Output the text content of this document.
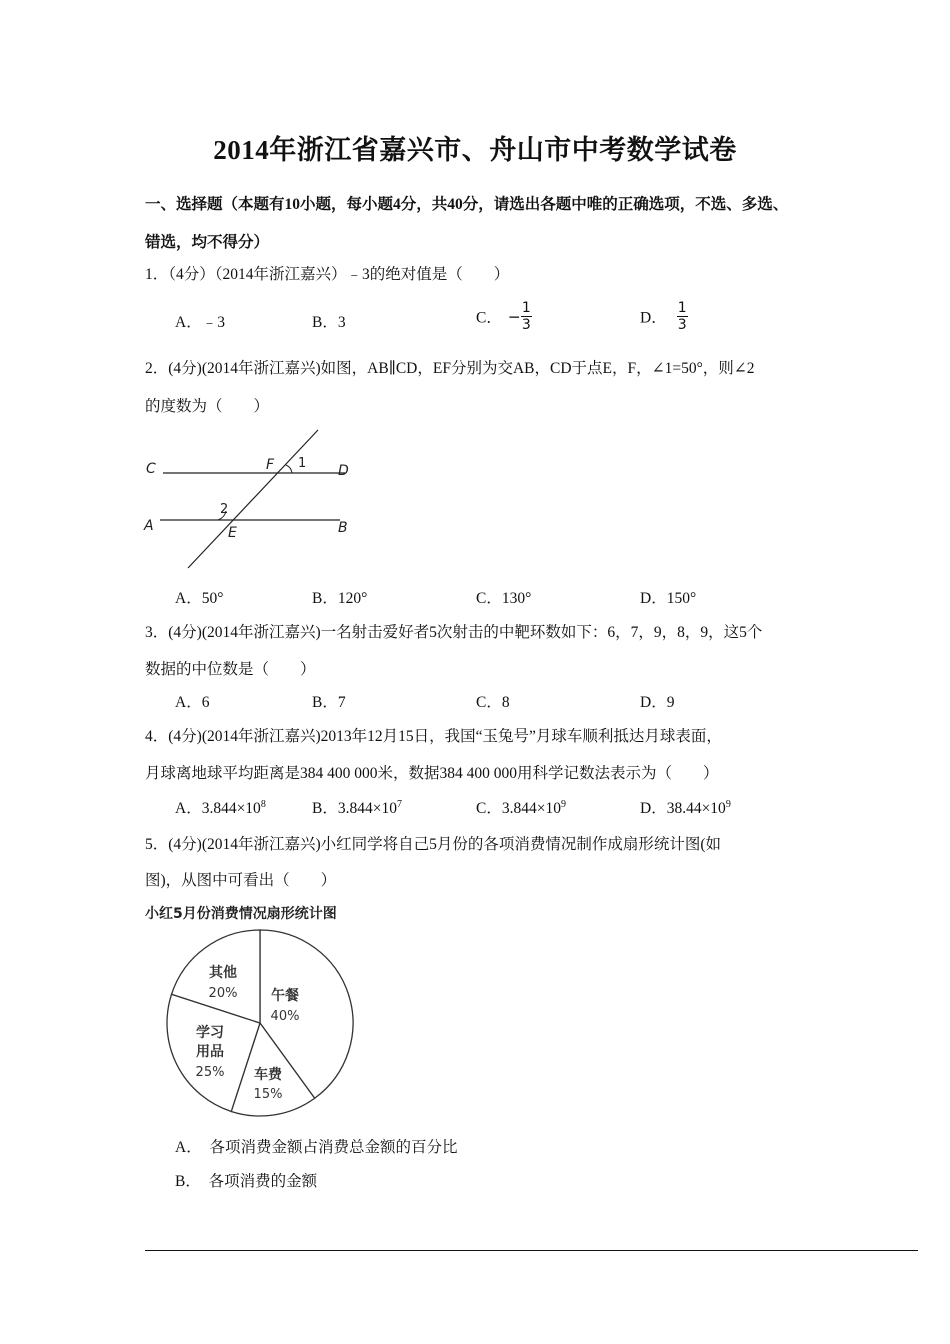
2014年浙江省嘉兴市、舟山市中考数学试卷
一、选择题（本题有10小题，每小题4分，共40分，请选出各题中唯的正确选项，不选、多选、
错选，均不得分）
1．（4分）（2014年浙江嘉兴）﹣3的绝对值是（　　）
A．﹣3	B．3	C． − $\frac{1}{3}$	D． $\frac{1}{3}$
2．(4分)(2014年浙江嘉兴)如图，AB∥CD，EF分别为交AB，CD于点E，F，∠1=50°，则∠2
的度数为（　　）
C	D
A	B
F
E
1
2
A．50°	B．120°	C．130°	D．150°
3．(4分)(2014年浙江嘉兴)一名射击爱好者5次射击的中靶环数如下：6，7，9，8，9，这5个
数据的中位数是（　　）
A．6	B．7	C．8	D．9
4．(4分)(2014年浙江嘉兴)2013年12月15日，我国“玉兔号”月球车顺利抵达月球表面，
月球离地球平均距离是384 400 000米，数据384 400 000用科学记数法表示为（　　）
A．$3.844\times 10^8$	B．$3.844\times 10^7$	C．$3.844\times 10^9$	D．$38.44\times 10^9$
5．(4分)(2014年浙江嘉兴)小红同学将自己5月份的各项消费情况制作成扇形统计图(如
图)，从图中可看出（　　）
小红5月份消费情况扇形统计图
午餐
40%
车费
15%
学习
用品
25%
其他
20%
A．　各项消费金额占消费总金额的百分比
B．　各项消费的金额
